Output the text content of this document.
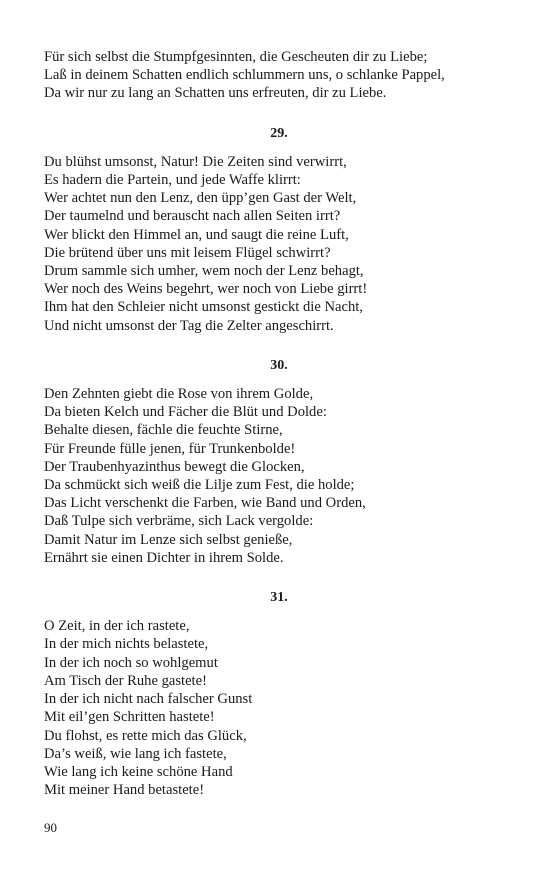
Für sich selbst die Stumpfgesinnten, die Gescheuten dir zu Liebe;
Laß in deinem Schatten endlich schlummern uns, o schlanke Pappel,
Da wir nur zu lang an Schatten uns erfreuten, dir zu Liebe.
29.
Du blühst umsonst, Natur! Die Zeiten sind verwirrt,
Es hadern die Partein, und jede Waffe klirrt:
Wer achtet nun den Lenz, den üpp’gen Gast der Welt,
Der taumelnd und berauscht nach allen Seiten irrt?
Wer blickt den Himmel an, und saugt die reine Luft,
Die brütend über uns mit leisem Flügel schwirrt?
Drum sammle sich umher, wem noch der Lenz behagt,
Wer noch des Weins begehrt, wer noch von Liebe girrt!
Ihm hat den Schleier nicht umsonst gestickt die Nacht,
Und nicht umsonst der Tag die Zelter angeschirrt.
30.
Den Zehnten giebt die Rose von ihrem Golde,
Da bieten Kelch und Fächer die Blüt und Dolde:
Behalte diesen, fächle die feuchte Stirne,
Für Freunde fülle jenen, für Trunkenbolde!
Der Traubenhyazinthus bewegt die Glocken,
Da schmückt sich weiß die Lilje zum Fest, die holde;
Das Licht verschenkt die Farben, wie Band und Orden,
Daß Tulpe sich verbräme, sich Lack vergolde:
Damit Natur im Lenze sich selbst genieße,
Ernährt sie einen Dichter in ihrem Solde.
31.
O Zeit, in der ich rastete,
In der mich nichts belastete,
In der ich noch so wohlgemut
Am Tisch der Ruhe gastete!
In der ich nicht nach falscher Gunst
Mit eil’gen Schritten hastete!
Du flohst, es rette mich das Glück,
Da’s weiß, wie lang ich fastete,
Wie lang ich keine schöne Hand
Mit meiner Hand betastete!
90
